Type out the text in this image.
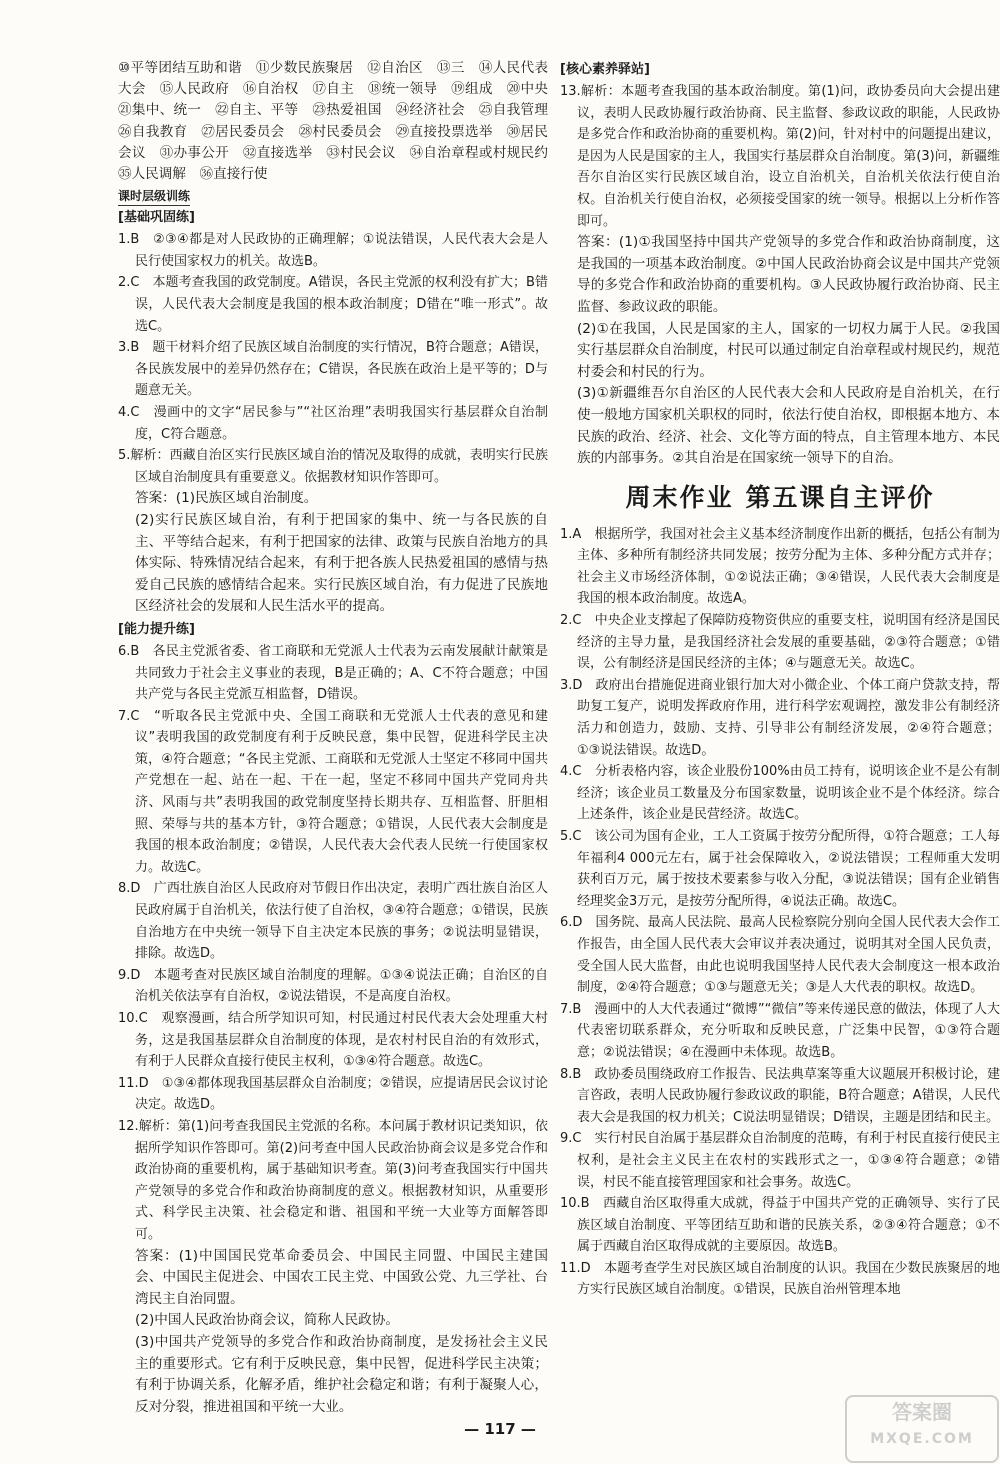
⑩平等团结互助和谐　⑪少数民族聚居　⑫自治区　⑬三　⑭人民代表大会　⑮人民政府　⑯自治权　⑰自主　⑱统一领导　⑲组成　⑳中央　㉑集中、统一　㉒自主、平等　㉓热爱祖国　㉔经济社会　㉕自我管理　㉖自我教育　㉗居民委员会　㉘村民委员会　㉙直接投票选举　㉚居民会议　㉛办事公开　㉜直接选举　㉝村民会议　㉞自治章程或村规民约　㉟人民调解　㊱直接行使

课时层级训练
[基础巩固练]

1.B　②③④都是对人民政协的正确理解；①说法错误，人民代表大会是人民行使国家权力的机关。故选B。

2.C　本题考查我国的政党制度。A错误，各民主党派的权利没有扩大；B错误，人民代表大会制度是我国的根本政治制度；D错在“唯一形式”。故选C。

3.B　题干材料介绍了民族区域自治制度的实行情况，B符合题意；A错误，各民族发展中的差异仍然存在；C错误，各民族在政治上是平等的；D与题意无关。

4.C　漫画中的文字“居民参与”“社区治理”表明我国实行基层群众自治制度，C符合题意。

5.解析：西藏自治区实行民族区域自治的情况及取得的成就，表明实行民族区域自治制度具有重要意义。依据教材知识作答即可。

答案：(1)民族区域自治制度。

(2)实行民族区域自治，有利于把国家的集中、统一与各民族的自主、平等结合起来，有利于把国家的法律、政策与民族自治地方的具体实际、特殊情况结合起来，有利于把各族人民热爱祖国的感情与热爱自己民族的感情结合起来。实行民族区域自治，有力促进了民族地区经济社会的发展和人民生活水平的提高。

[能力提升练]

6.B　各民主党派省委、省工商联和无党派人士代表为云南发展献计献策是共同致力于社会主义事业的表现，B是正确的；A、C不符合题意；中国共产党与各民主党派互相监督，D错误。

7.C　“听取各民主党派中央、全国工商联和无党派人士代表的意见和建议”表明我国的政党制度有利于反映民意，集中民智，促进科学民主决策，④符合题意；“各民主党派、工商联和无党派人士坚定不移同中国共产党想在一起、站在一起、干在一起，坚定不移同中国共产党同舟共济、风雨与共”表明我国的政党制度坚持长期共存、互相监督、肝胆相照、荣辱与共的基本方针，③符合题意；①错误，人民代表大会制度是我国的根本政治制度；②错误，人民代表大会代表人民统一行使国家权力。故选C。

8.D　广西壮族自治区人民政府对节假日作出决定，表明广西壮族自治区人民政府属于自治机关，依法行使了自治权，③④符合题意；①错误，民族自治地方在中央统一领导下自主决定本民族的事务；②说法明显错误，排除。故选D。

9.D　本题考查对民族区域自治制度的理解。①③④说法正确；自治区的自治机关依法享有自治权，②说法错误，不是高度自治权。

10.C　观察漫画，结合所学知识可知，村民通过村民代表大会处理重大村务，这是我国基层群众自治制度的体现，是农村村民自治的有效形式，有利于人民群众直接行使民主权利，①③④符合题意。故选C。

11.D　①③④都体现我国基层群众自治制度；②错误，应提请居民会议讨论决定。故选D。

12.解析：第(1)问考查我国民主党派的名称。本问属于教材识记类知识，依据所学知识作答即可。第(2)问考查中国人民政治协商会议是多党合作和政治协商的重要机构，属于基础知识考查。第(3)问考查我国实行中国共产党领导的多党合作和政治协商制度的意义。根据教材知识，从重要形式、科学民主决策、社会稳定和谐、祖国和平统一大业等方面解答即可。

答案：(1)中国国民党革命委员会、中国民主同盟、中国民主建国会、中国民主促进会、中国农工民主党、中国致公党、九三学社、台湾民主自治同盟。

(2)中国人民政治协商会议，简称人民政协。

(3)中国共产党领导的多党合作和政治协商制度，是发扬社会主义民主的重要形式。它有利于反映民意，集中民智，促进科学民主决策；有利于协调关系，化解矛盾，维护社会稳定和谐；有利于凝聚人心，反对分裂，推进祖国和平统一大业。

[核心素养驿站]

13.解析：本题考查我国的基本政治制度。第(1)问，政协委员向大会提出建议，表明人民政协履行政治协商、民主监督、参政议政的职能，人民政协是多党合作和政治协商的重要机构。第(2)问，针对村中的问题提出建议，是因为人民是国家的主人，我国实行基层群众自治制度。第(3)问，新疆维吾尔自治区实行民族区域自治，设立自治机关，自治机关依法行使自治权。自治机关行使自治权，必须接受国家的统一领导。根据以上分析作答即可。

答案：(1)①我国坚持中国共产党领导的多党合作和政治协商制度，这是我国的一项基本政治制度。②中国人民政治协商会议是中国共产党领导的多党合作和政治协商的重要机构。③人民政协履行政治协商、民主监督、参政议政的职能。

(2)①在我国，人民是国家的主人，国家的一切权力属于人民。②我国实行基层群众自治制度，村民可以通过制定自治章程或村规民约，规范村委会和村民的行为。

(3)①新疆维吾尔自治区的人民代表大会和人民政府是自治机关，在行使一般地方国家机关职权的同时，依法行使自治权，即根据本地方、本民族的政治、经济、社会、文化等方面的特点，自主管理本地方、本民族的内部事务。②其自治是在国家统一领导下的自治。

周末作业 第五课自主评价

1.A　根据所学，我国对社会主义基本经济制度作出新的概括，包括公有制为主体、多种所有制经济共同发展；按劳分配为主体、多种分配方式并存；社会主义市场经济体制，①②说法正确；③④错误，人民代表大会制度是我国的根本政治制度。故选A。

2.C　中央企业支撑起了保障防疫物资供应的重要支柱，说明国有经济是国民经济的主导力量，是我国经济社会发展的重要基础，②③符合题意；①错误，公有制经济是国民经济的主体；④与题意无关。故选C。

3.D　政府出台措施促进商业银行加大对小微企业、个体工商户贷款支持，帮助复工复产，说明发挥政府作用，进行科学宏观调控，激发非公有制经济活力和创造力，鼓励、支持、引导非公有制经济发展，②④符合题意；①③说法错误。故选D。

4.C　分析表格内容，该企业股份100%由员工持有，说明该企业不是公有制经济；该企业员工数量及分布国家数量，说明该企业不是个体经济。综合上述条件，该企业是民营经济。故选C。

5.C　该公司为国有企业，工人工资属于按劳分配所得，①符合题意；工人每年福利4 000元左右，属于社会保障收入，②说法错误；工程师重大发明获利百万元，属于按技术要素参与收入分配，③说法错误；国有企业销售经理奖金3万元，是按劳分配所得，④说法正确。故选C。

6.D　国务院、最高人民法院、最高人民检察院分别向全国人民代表大会作工作报告，由全国人民代表大会审议并表决通过，说明其对全国人民负责，受全国人民大监督，由此也说明我国坚持人民代表大会制度这一根本政治制度，②④符合题意；①③与题意无关；③是人大代表的职权。故选D。

7.B　漫画中的人大代表通过“微博”“微信”等来传递民意的做法，体现了人大代表密切联系群众，充分听取和反映民意，广泛集中民智，①③符合题意；②说法错误；④在漫画中未体现。故选B。

8.B　政协委员围绕政府工作报告、民法典草案等重大议题展开积极讨论，建言咨政，表明人民政协履行参政议政的职能，B符合题意；A错误，人民代表大会是我国的权力机关；C说法明显错误；D错误，主题是团结和民主。

9.C　实行村民自治属于基层群众自治制度的范畴，有利于村民直接行使民主权利，是社会主义民主在农村的实践形式之一，①③④符合题意；②错误，村民不能直接管理国家和社会事务。故选C。

10.B　西藏自治区取得重大成就，得益于中国共产党的正确领导、实行了民族区域自治制度、平等团结互助和谐的民族关系，②③④符合题意；①不属于西藏自治区取得成就的主要原因。故选B。

11.D　本题考查学生对民族区域自治制度的认识。我国在少数民族聚居的地方实行民族区域自治制度。①错误，民族自治州管理本地

— 117 —
答案圈
MXQE.COM
